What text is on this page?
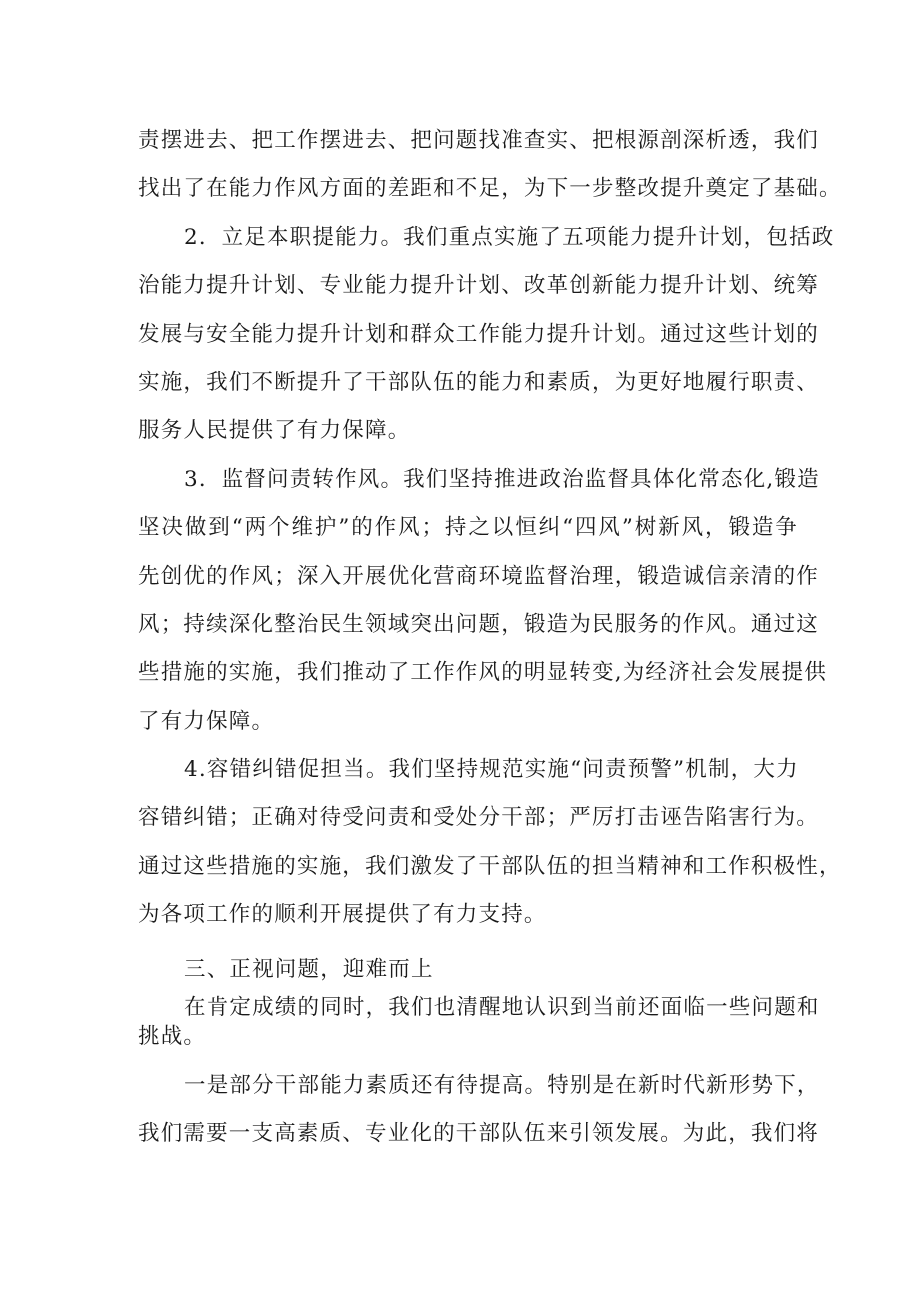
责摆进去、把工作摆进去、把问题找准查实、把根源剖深析透，我们
找出了在能力作风方面的差距和不足，为下一步整改提升奠定了基础。
2．立足本职提能力。我们重点实施了五项能力提升计划，包括政
治能力提升计划、专业能力提升计划、改革创新能力提升计划、统筹
发展与安全能力提升计划和群众工作能力提升计划。通过这些计划的
实施，我们不断提升了干部队伍的能力和素质，为更好地履行职责、
服务人民提供了有力保障。
3．监督问责转作风。我们坚持推进政治监督具体化常态化,锻造
坚决做到“两个维护”的作风；持之以恒纠“四风”树新风，锻造争
先创优的作风；深入开展优化营商环境监督治理，锻造诚信亲清的作
风；持续深化整治民生领域突出问题，锻造为民服务的作风。通过这
些措施的实施，我们推动了工作作风的明显转变,为经济社会发展提供
了有力保障。
4.容错纠错促担当。我们坚持规范实施“问责预警”机制，大力
容错纠错；正确对待受问责和受处分干部；严厉打击诬告陷害行为。
通过这些措施的实施，我们激发了干部队伍的担当精神和工作积极性，
为各项工作的顺利开展提供了有力支持。
三、正视问题，迎难而上
在肯定成绩的同时，我们也清醒地认识到当前还面临一些问题和
挑战。
一是部分干部能力素质还有待提高。特别是在新时代新形势下，
我们需要一支高素质、专业化的干部队伍来引领发展。为此，我们将
